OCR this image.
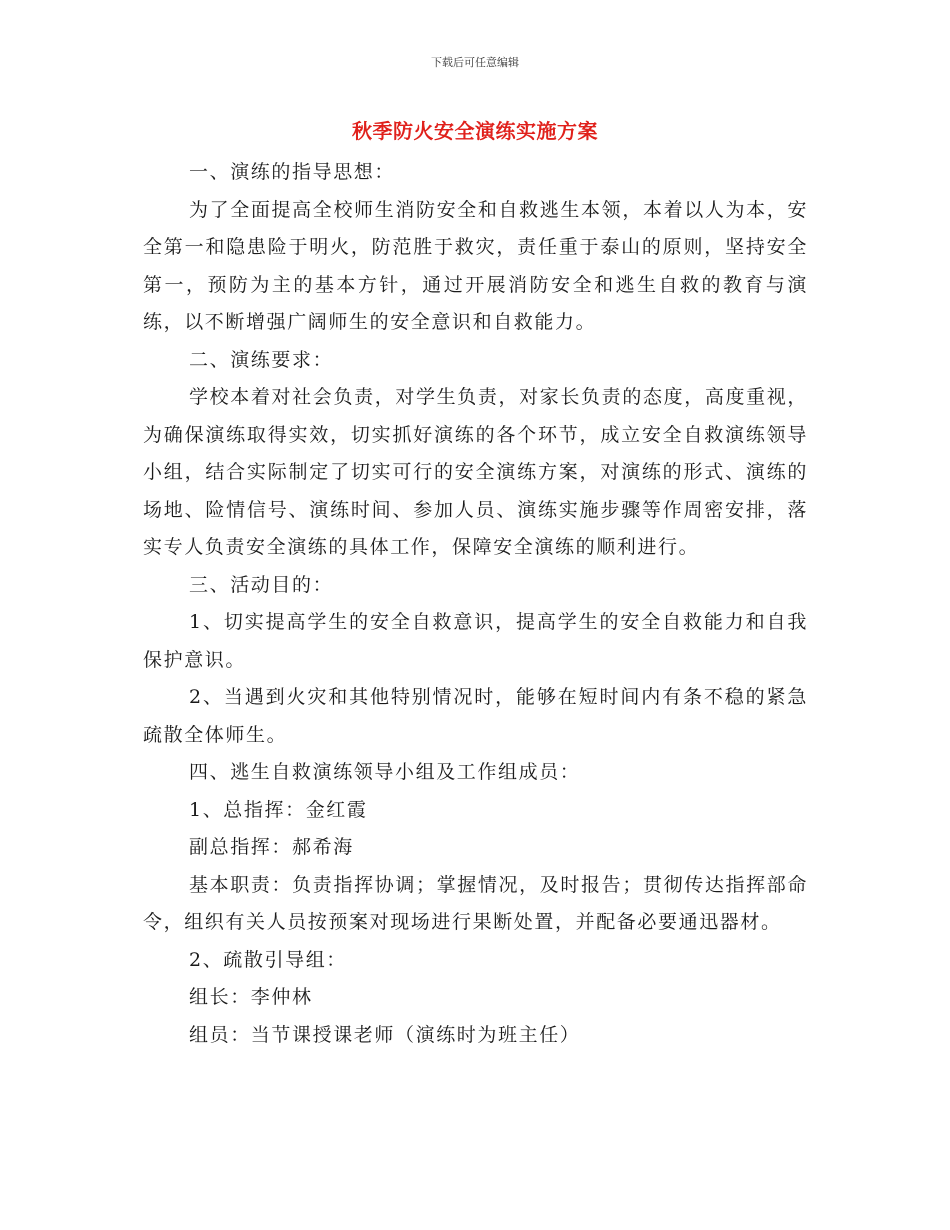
下载后可任意编辑
秋季防火安全演练实施方案

一、演练的指导思想：

为了全面提高全校师生消防安全和自救逃生本领，本着以人为本，安全第一和隐患险于明火，防范胜于救灾，责任重于泰山的原则，坚持安全第一，预防为主的基本方针，通过开展消防安全和逃生自救的教育与演练，以不断增强广阔师生的安全意识和自救能力。

二、演练要求：

学校本着对社会负责，对学生负责，对家长负责的态度，高度重视，为确保演练取得实效，切实抓好演练的各个环节，成立安全自救演练领导小组，结合实际制定了切实可行的安全演练方案，对演练的形式、演练的场地、险情信号、演练时间、参加人员、演练实施步骤等作周密安排，落实专人负责安全演练的具体工作，保障安全演练的顺利进行。

三、活动目的：

1、切实提高学生的安全自救意识，提高学生的安全自救能力和自我保护意识。

2、当遇到火灾和其他特别情况时，能够在短时间内有条不稳的紧急疏散全体师生。

四、逃生自救演练领导小组及工作组成员：

1、总指挥：金红霞

副总指挥：郝希海

基本职责：负责指挥协调；掌握情况，及时报告；贯彻传达指挥部命令，组织有关人员按预案对现场进行果断处置，并配备必要通迅器材。

2、疏散引导组：

组长：李仲林

组员：当节课授课老师（演练时为班主任）
